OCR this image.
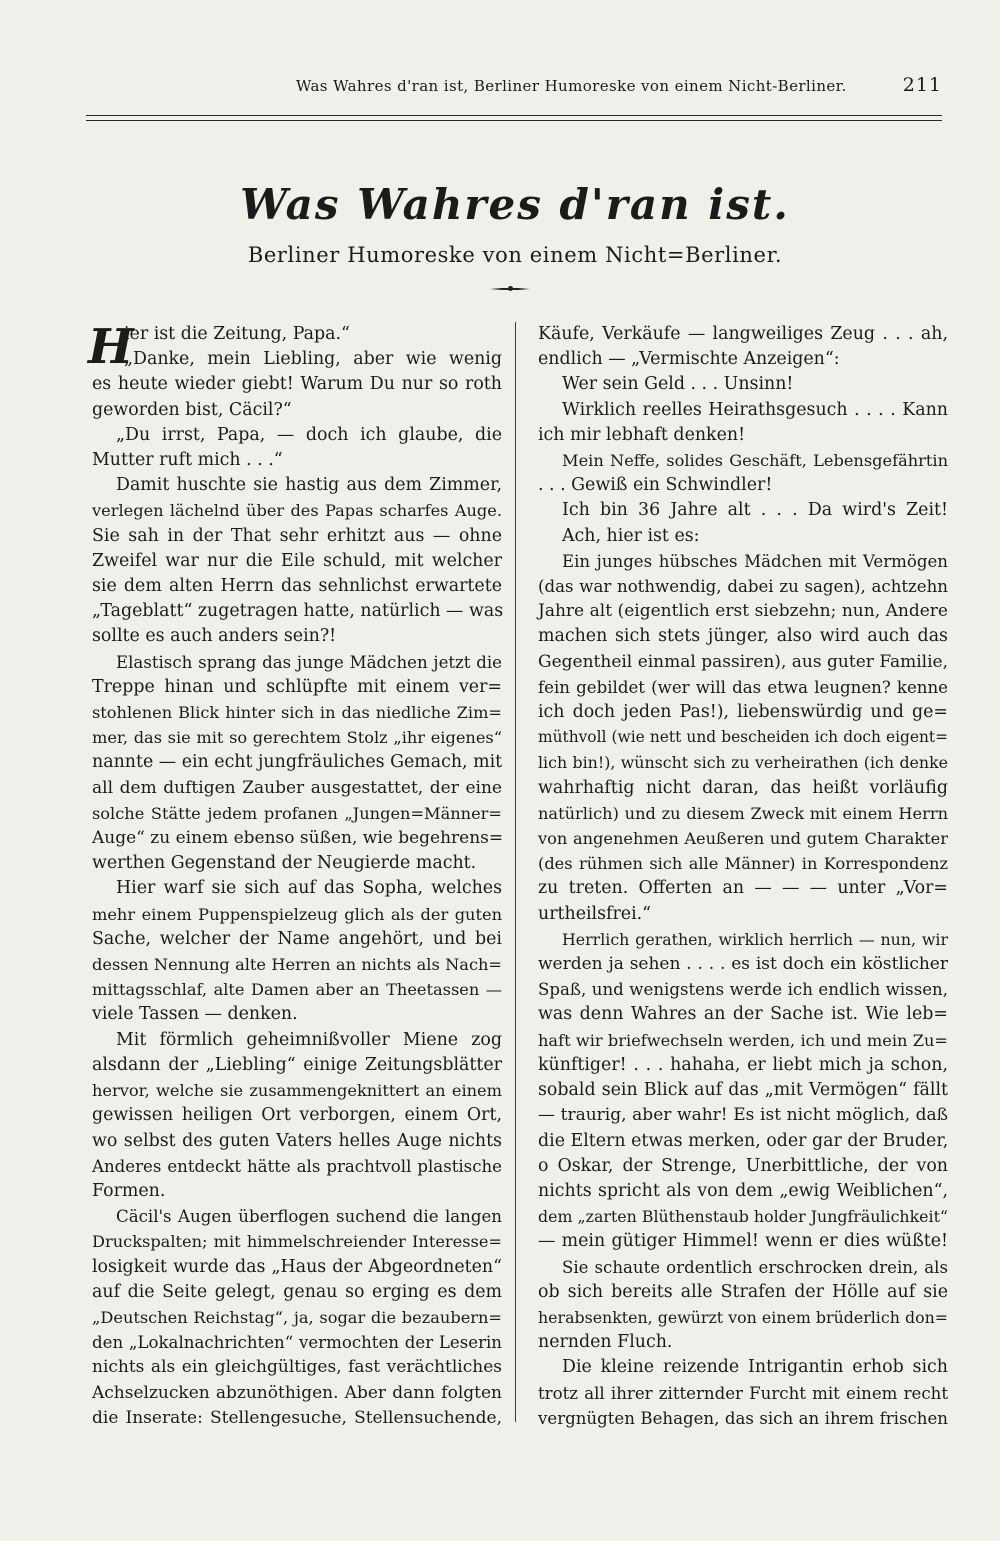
Was Wahres d'ran ist, Berliner Humoreske von einem Nicht-Berliner.	211
Was Wahres d'ran ist.
Berliner Humoreske von einem Nicht=Berliner.
H
ier ist die Zeitung, Papa.“
„Danke, mein Liebling, aber wie wenig
es heute wieder giebt! Warum Du nur so roth
geworden bist, Cäcil?“
„Du irrst, Papa, — doch ich glaube, die
Mutter ruft mich . . .“
Damit huschte sie hastig aus dem Zimmer,
verlegen lächelnd über des Papas scharfes Auge.
Sie sah in der That sehr erhitzt aus — ohne
Zweifel war nur die Eile schuld, mit welcher
sie dem alten Herrn das sehnlichst erwartete
„Tageblatt“ zugetragen hatte, natürlich — was
sollte es auch anders sein?!
Elastisch sprang das junge Mädchen jetzt die
Treppe hinan und schlüpfte mit einem ver=
stohlenen Blick hinter sich in das niedliche Zim=
mer, das sie mit so gerechtem Stolz „ihr eigenes“
nannte — ein echt jungfräuliches Gemach, mit
all dem duftigen Zauber ausgestattet, der eine
solche Stätte jedem profanen „Jungen=Männer=
Auge“ zu einem ebenso süßen, wie begehrens=
werthen Gegenstand der Neugierde macht.
Hier warf sie sich auf das Sopha, welches
mehr einem Puppenspielzeug glich als der guten
Sache, welcher der Name angehört, und bei
dessen Nennung alte Herren an nichts als Nach=
mittagsschlaf, alte Damen aber an Theetassen —
viele Tassen — denken.
Mit förmlich geheimnißvoller Miene zog
alsdann der „Liebling“ einige Zeitungsblätter
hervor, welche sie zusammengeknittert an einem
gewissen heiligen Ort verborgen, einem Ort,
wo selbst des guten Vaters helles Auge nichts
Anderes entdeckt hätte als prachtvoll plastische
Formen.
Cäcil's Augen überflogen suchend die langen
Druckspalten; mit himmelschreiender Interesse=
losigkeit wurde das „Haus der Abgeordneten“
auf die Seite gelegt, genau so erging es dem
„Deutschen Reichstag“, ja, sogar die bezaubern=
den „Lokalnachrichten“ vermochten der Leserin
nichts als ein gleichgültiges, fast verächtliches
Achselzucken abzunöthigen. Aber dann folgten
die Inserate: Stellengesuche, Stellensuchende,
Käufe, Verkäufe — langweiliges Zeug . . . ah,
endlich — „Vermischte Anzeigen“:
Wer sein Geld . . . Unsinn!
Wirklich reelles Heirathsgesuch . . . . Kann
ich mir lebhaft denken!
Mein Neffe, solides Geschäft, Lebensgefährtin
. . . Gewiß ein Schwindler!
Ich bin 36 Jahre alt . . . Da wird's Zeit!
Ach, hier ist es:
Ein junges hübsches Mädchen mit Vermögen
(das war nothwendig, dabei zu sagen), achtzehn
Jahre alt (eigentlich erst siebzehn; nun, Andere
machen sich stets jünger, also wird auch das
Gegentheil einmal passiren), aus guter Familie,
fein gebildet (wer will das etwa leugnen? kenne
ich doch jeden Pas!), liebenswürdig und ge=
müthvoll (wie nett und bescheiden ich doch eigent=
lich bin!), wünscht sich zu verheirathen (ich denke
wahrhaftig nicht daran, das heißt vorläufig
natürlich) und zu diesem Zweck mit einem Herrn
von angenehmen Aeußeren und gutem Charakter
(des rühmen sich alle Männer) in Korrespondenz
zu treten. Offerten an — — — unter „Vor=
urtheilsfrei.“
Herrlich gerathen, wirklich herrlich — nun, wir
werden ja sehen . . . . es ist doch ein köstlicher
Spaß, und wenigstens werde ich endlich wissen,
was denn Wahres an der Sache ist. Wie leb=
haft wir briefwechseln werden, ich und mein Zu=
künftiger! . . . hahaha, er liebt mich ja schon,
sobald sein Blick auf das „mit Vermögen“ fällt
— traurig, aber wahr! Es ist nicht möglich, daß
die Eltern etwas merken, oder gar der Bruder,
o Oskar, der Strenge, Unerbittliche, der von
nichts spricht als von dem „ewig Weiblichen“,
dem „zarten Blüthenstaub holder Jungfräulichkeit“
— mein gütiger Himmel! wenn er dies wüßte!
Sie schaute ordentlich erschrocken drein, als
ob sich bereits alle Strafen der Hölle auf sie
herabsenkten, gewürzt von einem brüderlich don=
nernden Fluch.
Die kleine reizende Intrigantin erhob sich
trotz all ihrer zitternder Furcht mit einem recht
vergnügten Behagen, das sich an ihrem frischen
